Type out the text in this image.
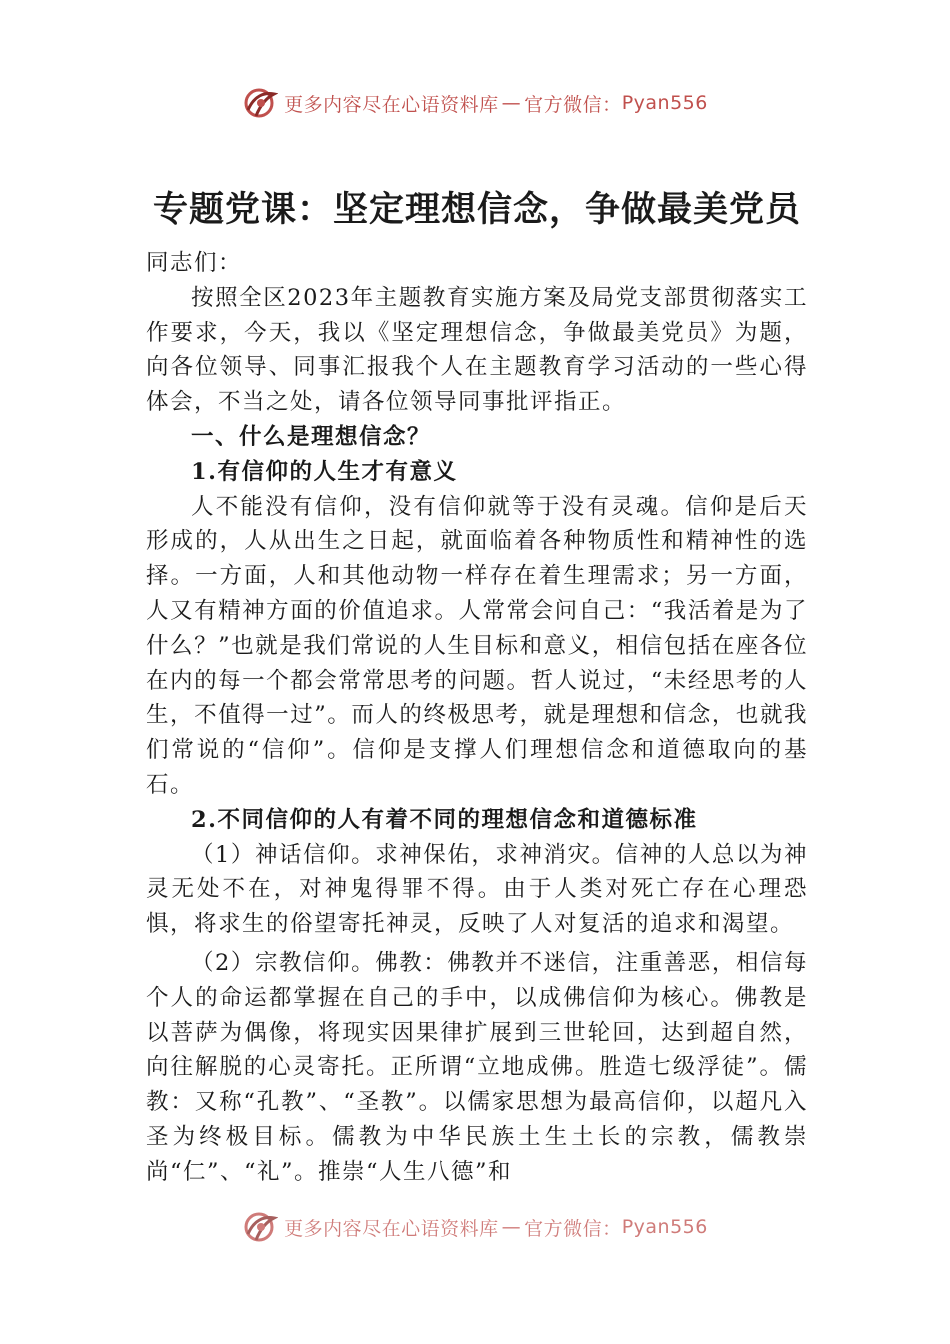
更多内容尽在心语资料库 — 官方微信： Pyan556
专题党课：坚定理想信念，争做最美党员

同志们：

按照全区2023年主题教育实施方案及局党支部贯彻落实工作要求，今天，我以《坚定理想信念，争做最美党员》为题，向各位领导、同事汇报我个人在主题教育学习活动的一些心得体会，不当之处，请各位领导同事批评指正。

一、什么是理想信念？

1.有信仰的人生才有意义

人不能没有信仰，没有信仰就等于没有灵魂。信仰是后天形成的，人从出生之日起，就面临着各种物质性和精神性的选择。一方面，人和其他动物一样存在着生理需求；另一方面，人又有精神方面的价值追求。人常常会问自己：“我活着是为了什么？”也就是我们常说的人生目标和意义，相信包括在座各位在内的每一个都会常常思考的问题。哲人说过，“未经思考的人生，不值得一过”。而人的终极思考，就是理想和信念，也就我们常说的“信仰”。信仰是支撑人们理想信念和道德取向的基石。

2.不同信仰的人有着不同的理想信念和道德标准

（1）神话信仰。求神保佑，求神消灾。信神的人总以为神灵无处不在，对神鬼得罪不得。由于人类对死亡存在心理恐惧，将求生的俗望寄托神灵，反映了人对复活的追求和渴望。

（2）宗教信仰。佛教：佛教并不迷信，注重善恶，相信每个人的命运都掌握在自己的手中，以成佛信仰为核心。佛教是以菩萨为偶像，将现实因果律扩展到三世轮回，达到超自然，向往解脱的心灵寄托。正所谓“立地成佛。胜造七级浮徒”。儒教：又称“孔教”、“圣教”。以儒家思想为最高信仰，以超凡入圣为终极目标。儒教为中华民族土生土长的宗教，儒教崇尚“仁”、“礼”。推崇“人生八德”和

更多内容尽在心语资料库 — 官方微信： Pyan556
